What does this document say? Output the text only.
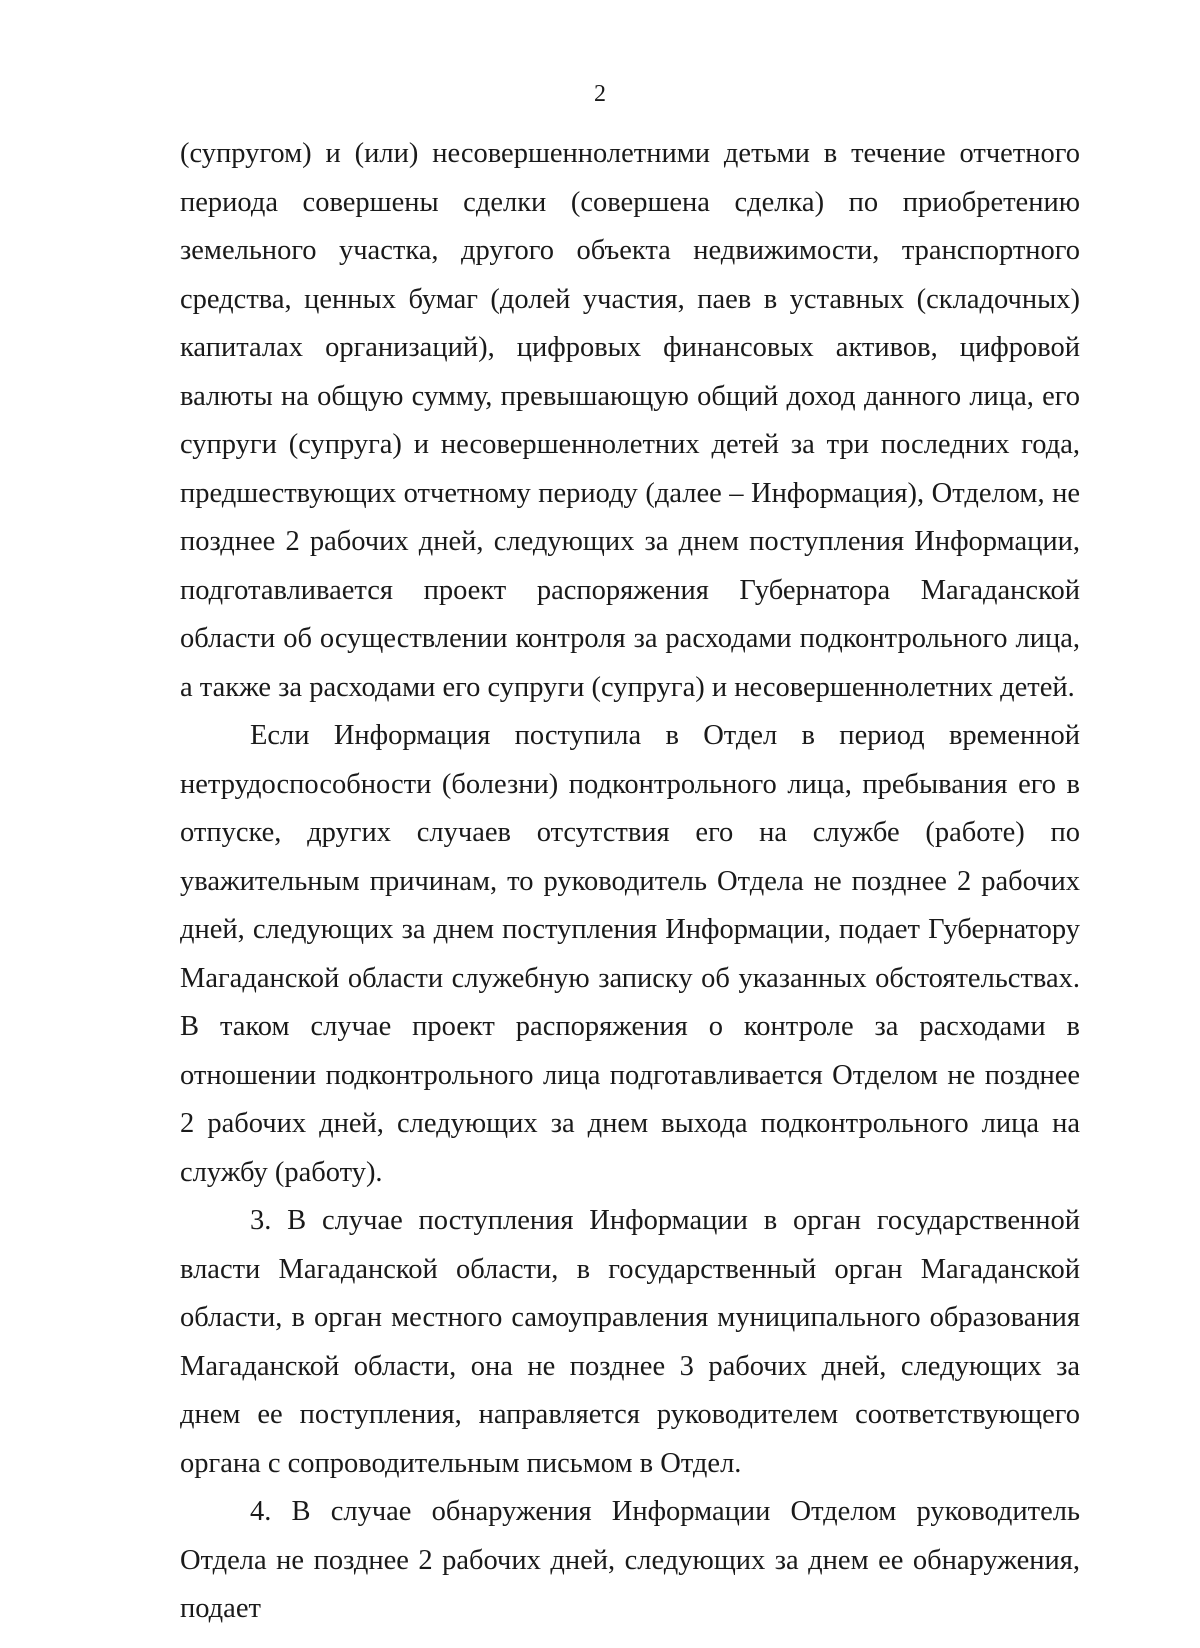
2

(супругом) и (или) несовершеннолетними детьми в течение отчетного периода совершены сделки (совершена сделка) по приобретению земельного участка, другого объекта недвижимости, транспортного средства, ценных бумаг (долей участия, паев в уставных (складочных) капиталах организаций), цифровых финансовых активов, цифровой валюты на общую сумму, превышающую общий доход данного лица, его супруги (супруга) и несовершеннолетних детей за три последних года, предшествующих отчетному периоду (далее – Информация), Отделом, не позднее 2 рабочих дней, следующих за днем поступления Информации, подготавливается проект распоряжения Губернатора Магаданской области об осуществлении контроля за расходами подконтрольного лица, а также за расходами его супруги (супруга) и несовершеннолетних детей.

Если Информация поступила в Отдел в период временной нетрудоспособности (болезни) подконтрольного лица, пребывания его в отпуске, других случаев отсутствия его на службе (работе) по уважительным причинам, то руководитель Отдела не позднее 2 рабочих дней, следующих за днем поступления Информации, подает Губернатору Магаданской области служебную записку об указанных обстоятельствах. В таком случае проект распоряжения о контроле за расходами в отношении подконтрольного лица подготавливается Отделом не позднее 2 рабочих дней, следующих за днем выхода подконтрольного лица на службу (работу).

3. В случае поступления Информации в орган государственной власти Магаданской области, в государственный орган Магаданской области, в орган местного самоуправления муниципального образования Магаданской области, она не позднее 3 рабочих дней, следующих за днем ее поступления, направляется руководителем соответствующего органа с сопроводительным письмом в Отдел.

4. В случае обнаружения Информации Отделом руководитель Отдела не позднее 2 рабочих дней, следующих за днем ее обнаружения, подает
